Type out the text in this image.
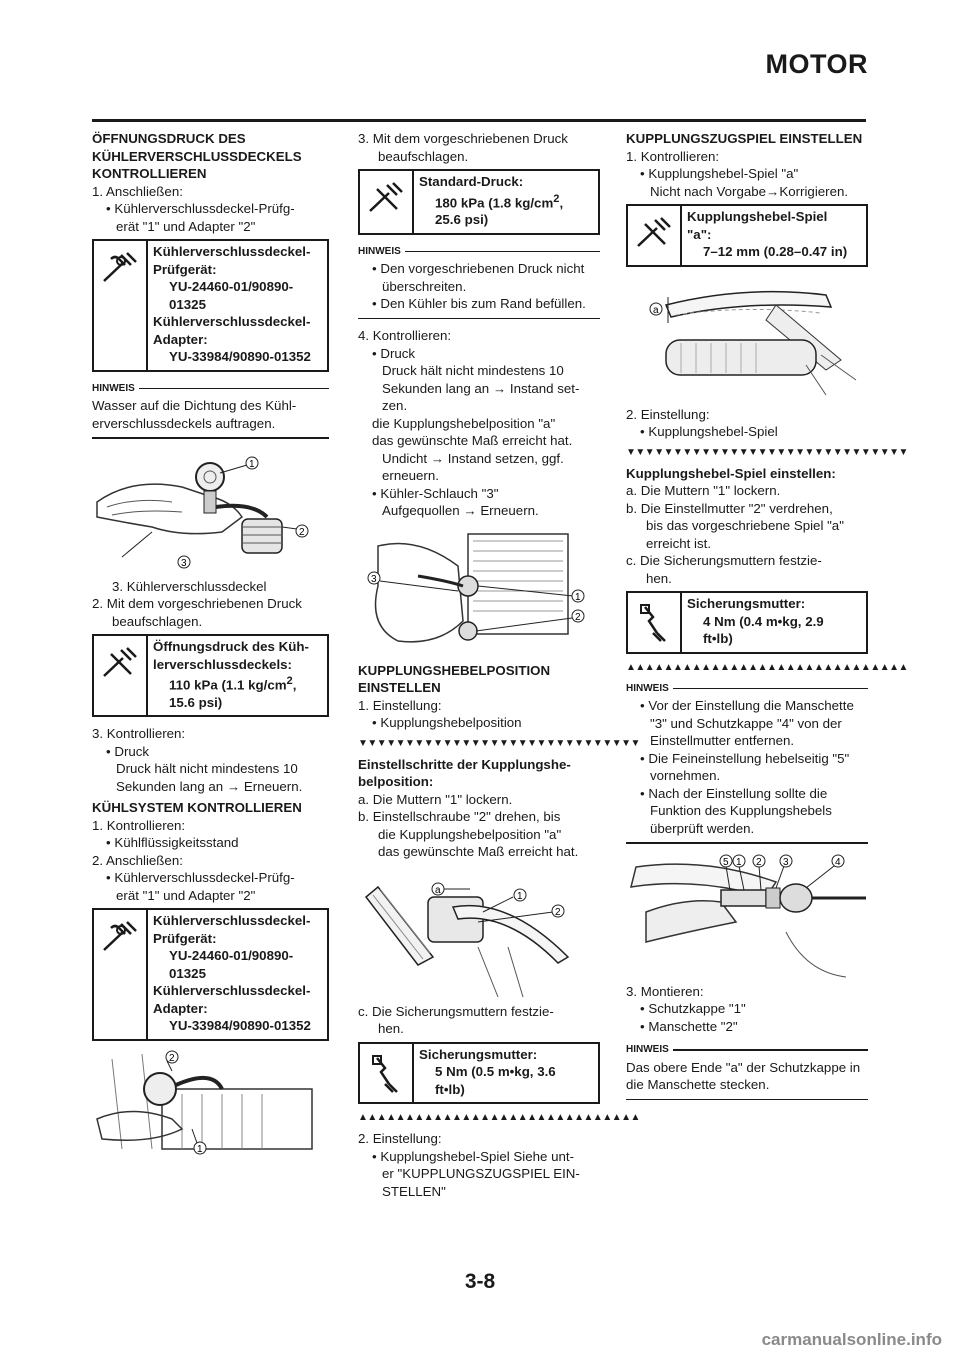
MOTOR
ÖFFNUNGSDRUCK DES KÜHLERVERSCHLUSSDECKELS KONTROLLIEREN
1. Anschließen:
• Kühlerverschlussdeckel-Prüfg-
erät "1" und Adapter "2"
Kühlerverschlussdeckel-
Prüfgerät:
YU-24460-01/90890-
01325
Kühlerverschlussdeckel-
Adapter:
YU-33984/90890-01352
HINWEIS
Wasser auf die Dichtung des Kühl-erverschlussdeckels auftragen.
1
2
3
3. Kühlerverschlussdeckel
2. Mit dem vorgeschriebenen Druck
beaufschlagen.
Öffnungsdruck des Küh-
lerverschlussdeckels:
110 kPa (1.1 $kg/cm^2$,
15.6 psi)
3. Kontrollieren:
• Druck
Druck hält nicht mindestens 10
Sekunden lang an → Erneuern.
KÜHLSYSTEM KONTROLLIEREN
1. Kontrollieren:
• Kühlflüssigkeitsstand
2. Anschließen:
• Kühlerverschlussdeckel-Prüfg-
erät "1" und Adapter "2"
Kühlerverschlussdeckel-
Prüfgerät:
YU-24460-01/90890-
01325
Kühlerverschlussdeckel-
Adapter:
YU-33984/90890-01352
2
1
3. Mit dem vorgeschriebenen Druck
beaufschlagen.
Standard-Druck:
180 kPa (1.8 $kg/cm^2$,
25.6 psi)
HINWEIS
• Den vorgeschriebenen Druck nicht
überschreiten.
• Den Kühler bis zum Rand befüllen.
4. Kontrollieren:
• Druck
Druck hält nicht mindestens 10
Sekunden lang an → Instand set-
zen.
die Kupplungshebelposition "a"
das gewünschte Maß erreicht hat.
Undicht → Instand setzen, ggf.
erneuern.
• Kühler-Schlauch "3"
Aufgequollen → Erneuern.
1
2
3
KUPPLUNGSHEBELPOSITION EINSTELLEN
1. Einstellung:
• Kupplungshebelposition
▼▼▼▼▼▼▼▼▼▼▼▼▼▼▼▼▼▼▼▼▼▼▼▼▼▼▼▼▼▼
Einstellschritte der Kupplungshe-belposition:
a. Die Muttern "1" lockern.
b. Einstellschraube "2" drehen, bis
die Kupplungshebelposition "a"
das gewünschte Maß erreicht hat.
a
1
2
c. Die Sicherungsmuttern festzie-
hen.
Sicherungsmutter:
5 Nm (0.5 m•kg, 3.6
ft•lb)
▲▲▲▲▲▲▲▲▲▲▲▲▲▲▲▲▲▲▲▲▲▲▲▲▲▲▲▲▲▲
2. Einstellung:
• Kupplungshebel-Spiel Siehe unt-
er "KUPPLUNGSZUGSPIEL EIN-
STELLEN"
KUPPLUNGSZUGSPIEL EINSTELLEN
1. Kontrollieren:
• Kupplungshebel-Spiel "a"
Nicht nach Vorgabe→Korrigieren.
Kupplungshebel-Spiel
"a":
7–12 mm (0.28–0.47 in)
a
2. Einstellung:
• Kupplungshebel-Spiel
▼▼▼▼▼▼▼▼▼▼▼▼▼▼▼▼▼▼▼▼▼▼▼▼▼▼▼▼▼▼
Kupplungshebel-Spiel einstellen:
a. Die Muttern "1" lockern.
b. Die Einstellmutter "2" verdrehen,
bis das vorgeschriebene Spiel "a"
erreicht ist.
c. Die Sicherungsmuttern festzie-
hen.
Sicherungsmutter:
4 Nm (0.4 m•kg, 2.9
ft•lb)
▲▲▲▲▲▲▲▲▲▲▲▲▲▲▲▲▲▲▲▲▲▲▲▲▲▲▲▲▲▲
HINWEIS
• Vor der Einstellung die Manschette
"3" und Schutzkappe "4" von der
Einstellmutter entfernen.
• Die Feineinstellung hebelseitig "5"
vornehmen.
• Nach der Einstellung sollte die
Funktion des Kupplungshebels
überprüft werden.
5 1 2 3	4
3. Montieren:
• Schutzkappe "1"
• Manschette "2"
HINWEIS
Das obere Ende "a" der Schutzkappe in die Manschette stecken.
3-8
carmanualsonline.info
